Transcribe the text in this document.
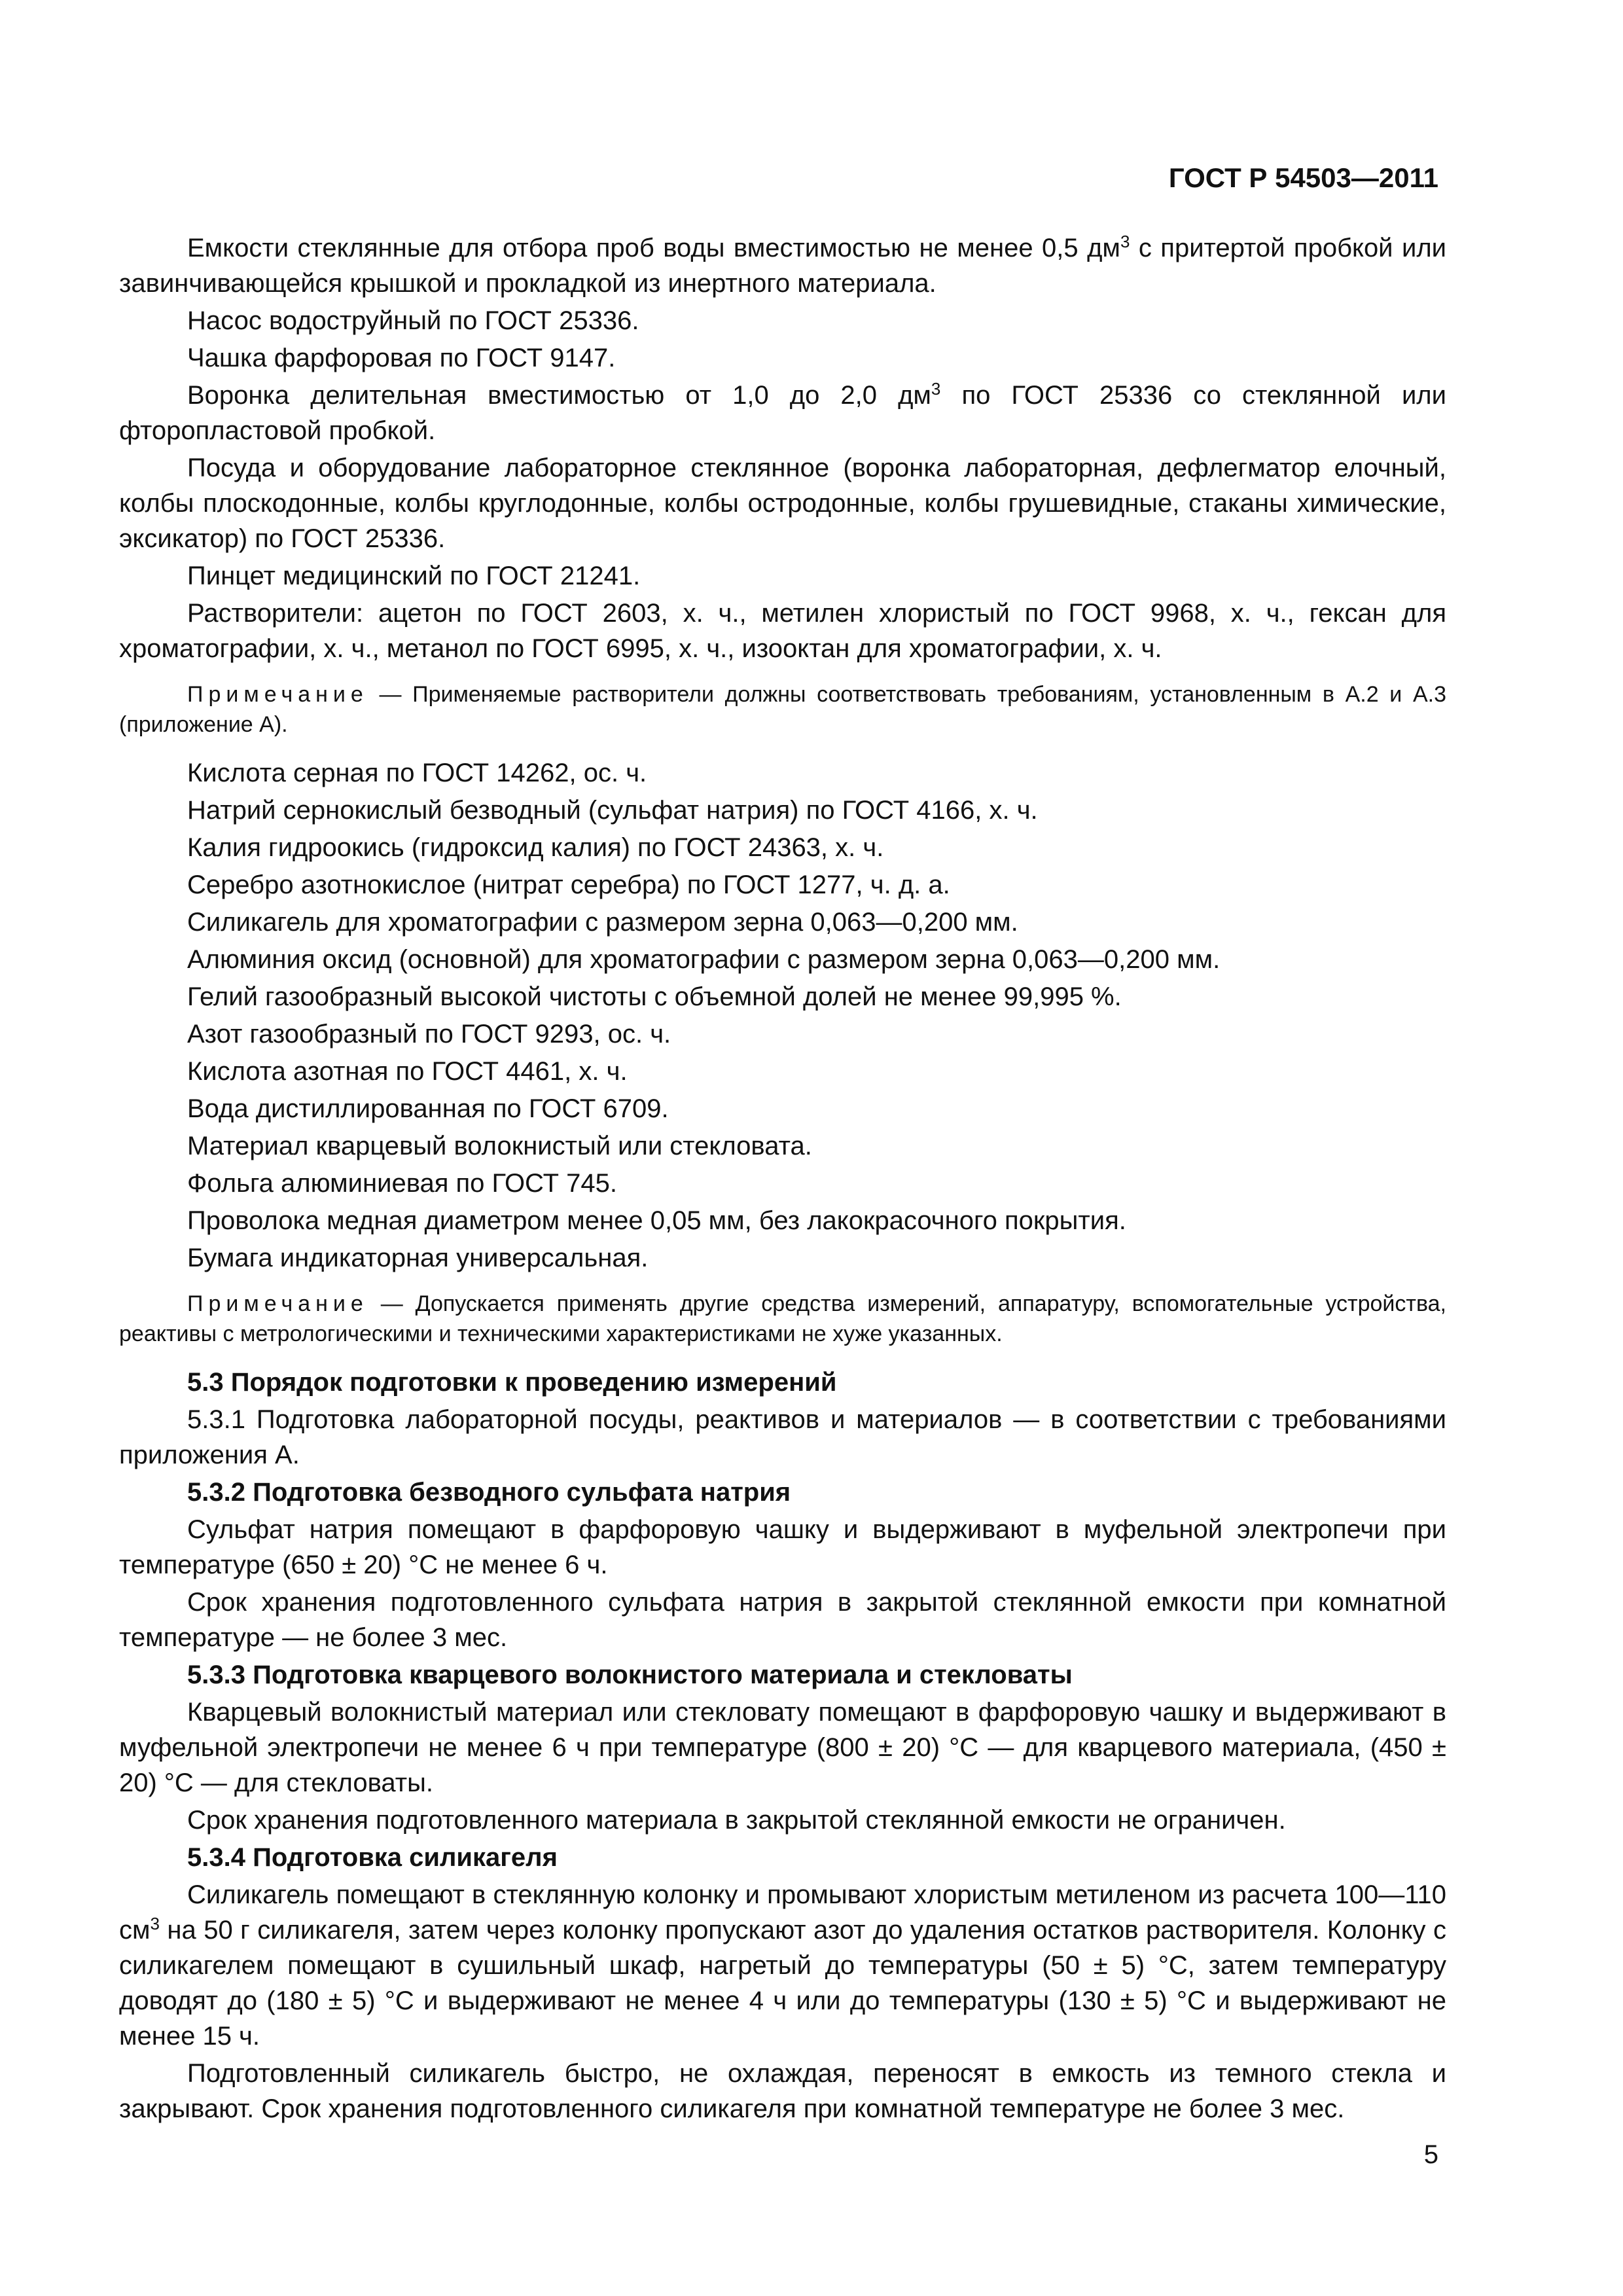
ГОСТ Р 54503—2011

Емкости стеклянные для отбора проб воды вместимостью не менее 0,5 $дм^3$ с притертой пробкой или завинчивающейся крышкой и прокладкой из инертного материала.

Насос водоструйный по ГОСТ 25336.

Чашка фарфоровая по ГОСТ 9147.

Воронка делительная вместимостью от 1,0 до 2,0 $дм^3$ по ГОСТ 25336 со стеклянной или фторопластовой пробкой.

Посуда и оборудование лабораторное стеклянное (воронка лабораторная, дефлегматор елочный, колбы плоскодонные, колбы круглодонные, колбы остродонные, колбы грушевидные, стаканы химические, эксикатор) по ГОСТ 25336.

Пинцет медицинский по ГОСТ 21241.

Растворители: ацетон по ГОСТ 2603, х. ч., метилен хлористый по ГОСТ 9968, х. ч., гексан для хроматографии, х. ч., метанол по ГОСТ 6995, х. ч., изооктан для хроматографии, х. ч.

Примечание — Применяемые растворители должны соответствовать требованиям, установленным в А.2 и А.3 (приложение А).

Кислота серная по ГОСТ 14262, ос. ч.

Натрий сернокислый безводный (сульфат натрия) по ГОСТ 4166, х. ч.

Калия гидроокись (гидроксид калия) по ГОСТ 24363, х. ч.

Серебро азотнокислое (нитрат серебра) по ГОСТ 1277, ч. д. а.

Силикагель для хроматографии с размером зерна 0,063—0,200 мм.

Алюминия оксид (основной) для хроматографии с размером зерна 0,063—0,200 мм.

Гелий газообразный высокой чистоты с объемной долей не менее 99,995 %.

Азот газообразный по ГОСТ 9293, ос. ч.

Кислота азотная по ГОСТ 4461, х. ч.

Вода дистиллированная по ГОСТ 6709.

Материал кварцевый волокнистый или стекловата.

Фольга алюминиевая по ГОСТ 745.

Проволока медная диаметром менее 0,05 мм, без лакокрасочного покрытия.

Бумага индикаторная универсальная.

Примечание — Допускается применять другие средства измерений, аппаратуру, вспомогательные устройства, реактивы с метрологическими и техническими характеристиками не хуже указанных.

5.3 Порядок подготовки к проведению измерений

5.3.1 Подготовка лабораторной посуды, реактивов и материалов — в соответствии с требованиями приложения А.

5.3.2 Подготовка безводного сульфата натрия

Сульфат натрия помещают в фарфоровую чашку и выдерживают в муфельной электропечи при температуре (650 ± 20) °С не менее 6 ч.

Срок хранения подготовленного сульфата натрия в закрытой стеклянной емкости при комнатной температуре — не более 3 мес.

5.3.3 Подготовка кварцевого волокнистого материала и стекловаты

Кварцевый волокнистый материал или стекловату помещают в фарфоровую чашку и выдерживают в муфельной электропечи не менее 6 ч при температуре (800 ± 20) °С — для кварцевого материала, (450 ± 20) °С — для стекловаты.

Срок хранения подготовленного материала в закрытой стеклянной емкости не ограничен.

5.3.4 Подготовка силикагеля

Силикагель помещают в стеклянную колонку и промывают хлористым метиленом из расчета 100—110 $см^3$ на 50 г силикагеля, затем через колонку пропускают азот до удаления остатков растворителя. Колонку с силикагелем помещают в сушильный шкаф, нагретый до температуры (50 ± 5) °С, затем температуру доводят до (180 ± 5) °С и выдерживают не менее 4 ч или до температуры (130 ± 5) °С и выдерживают не менее 15 ч.

Подготовленный силикагель быстро, не охлаждая, переносят в емкость из темного стекла и закрывают. Срок хранения подготовленного силикагеля при комнатной температуре не более 3 мес.

5
